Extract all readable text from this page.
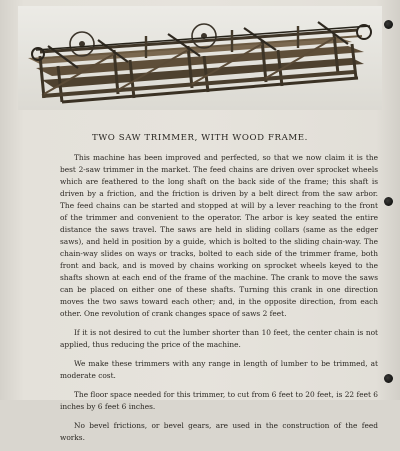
TWO SAW TRIMMER, WITH WOOD FRAME.

This machine has been improved and perfected, so that we now claim it is the best 2-saw trimmer in the market. The feed chains are driven over sprocket wheels which are feathered to the long shaft on the back side of the frame; this shaft is driven by a friction, and the friction is driven by a belt direct from the saw arbor. The feed chains can be started and stopped at will by a lever reaching to the front of the trimmer and convenient to the operator. The arbor is key seated the entire distance the saws travel. The saws are held in sliding collars (same as the edger saws), and held in position by a guide, which is bolted to the sliding chain-way. The chain-way slides on ways or tracks, bolted to each side of the trimmer frame, both front and back, and is moved by chains working on sprocket wheels keyed to the shafts shown at each end of the frame of the machine. The crank to move the saws can be placed on either one of these shafts. Turning this crank in one direction moves the two saws toward each other; and, in the opposite direction, from each other. One revolution of crank changes space of saws 2 feet.

If it is not desired to cut the lumber shorter than 10 feet, the center chain is not applied, thus reducing the price of the machine.

We make these trimmers with any range in length of lumber to be trimmed, at moderate cost.

The floor space needed for this trimmer, to cut from 6 feet to 20 feet, is 22 feet 6 inches by 6 feet 6 inches.

No bevel frictions, or bevel gears, are used in the construction of the feed works.
